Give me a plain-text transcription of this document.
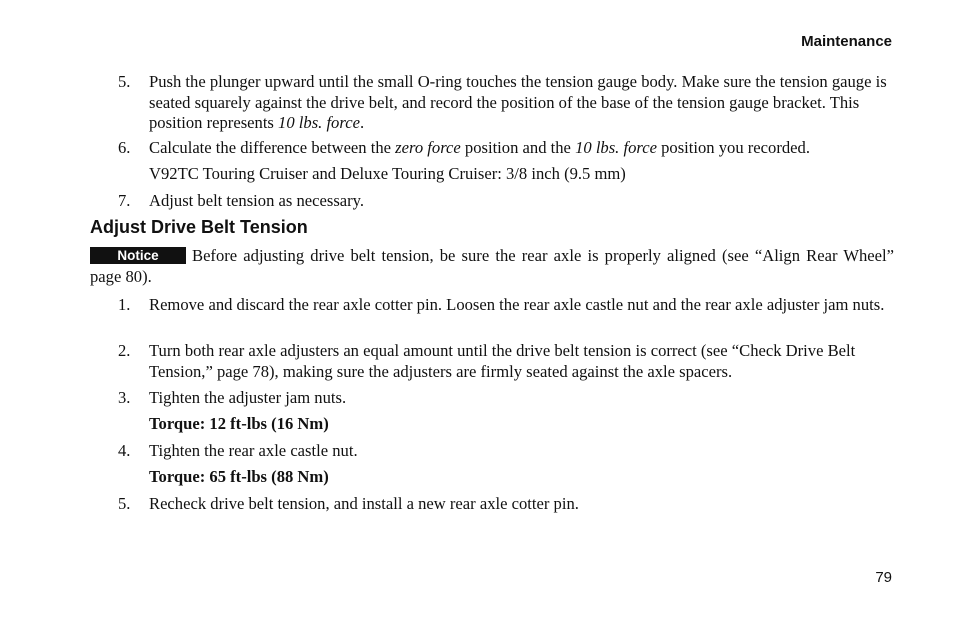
Maintenance

5. Push the plunger upward until the small O‑ring touches the tension gauge body. Make sure the tension gauge is seated squarely against the drive belt, and record the position of the base of the tension gauge bracket. This position represents 10 lbs. force.

6. Calculate the difference between the zero force position and the 10 lbs. force position you recorded.

V92TC Touring Cruiser and Deluxe Touring Cruiser: 3/8 inch (9.5 mm)

7. Adjust belt tension as necessary.

Adjust Drive Belt Tension

Notice Before adjusting drive belt tension, be sure the rear axle is properly aligned (see “Align Rear Wheel” page 80).

1. Remove and discard the rear axle cotter pin. Loosen the rear axle castle nut and the rear axle adjuster jam nuts.

2. Turn both rear axle adjusters an equal amount until the drive belt tension is correct (see “Check Drive Belt Tension,” page 78), making sure the adjusters are firmly seated against the axle spacers.

3. Tighten the adjuster jam nuts.

Torque: 12 ft‑lbs (16 Nm)

4. Tighten the rear axle castle nut.

Torque: 65 ft‑lbs (88 Nm)

5. Recheck drive belt tension, and install a new rear axle cotter pin.

79
